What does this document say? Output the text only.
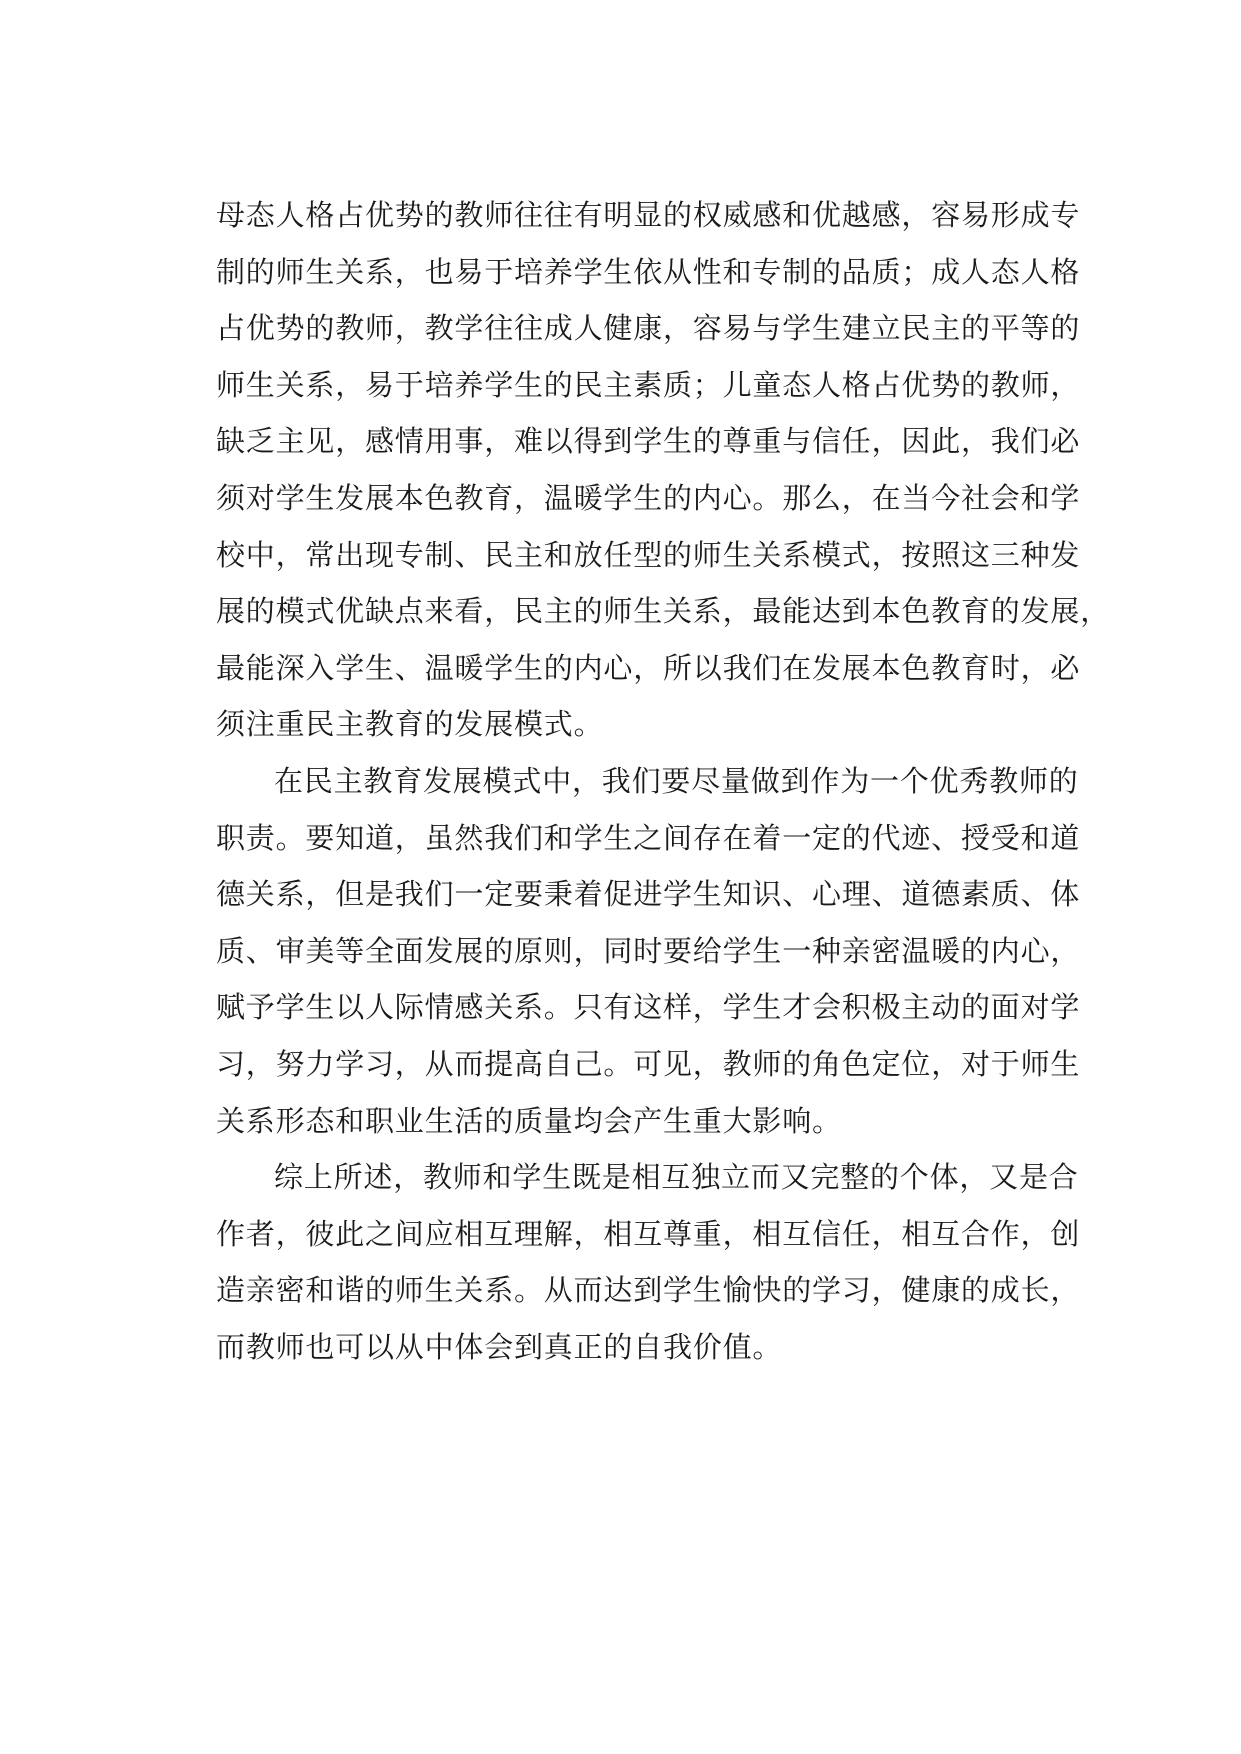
母态人格占优势的教师往往有明显的权威感和优越感，容易形成专
制的师生关系，也易于培养学生依从性和专制的品质；成人态人格
占优势的教师，教学往往成人健康，容易与学生建立民主的平等的
师生关系，易于培养学生的民主素质；儿童态人格占优势的教师，
缺乏主见，感情用事，难以得到学生的尊重与信任，因此，我们必
须对学生发展本色教育，温暖学生的内心。那么，在当今社会和学
校中，常出现专制、民主和放任型的师生关系模式，按照这三种发
展的模式优缺点来看，民主的师生关系，最能达到本色教育的发展，
最能深入学生、温暖学生的内心，所以我们在发展本色教育时，必
须注重民主教育的发展模式。
在民主教育发展模式中，我们要尽量做到作为一个优秀教师的
职责。要知道，虽然我们和学生之间存在着一定的代迹、授受和道
德关系，但是我们一定要秉着促进学生知识、心理、道德素质、体
质、审美等全面发展的原则，同时要给学生一种亲密温暖的内心，
赋予学生以人际情感关系。只有这样，学生才会积极主动的面对学
习，努力学习，从而提高自己。可见，教师的角色定位，对于师生
关系形态和职业生活的质量均会产生重大影响。
综上所述，教师和学生既是相互独立而又完整的个体，又是合
作者，彼此之间应相互理解，相互尊重，相互信任，相互合作，创
造亲密和谐的师生关系。从而达到学生愉快的学习，健康的成长，
而教师也可以从中体会到真正的自我价值。
